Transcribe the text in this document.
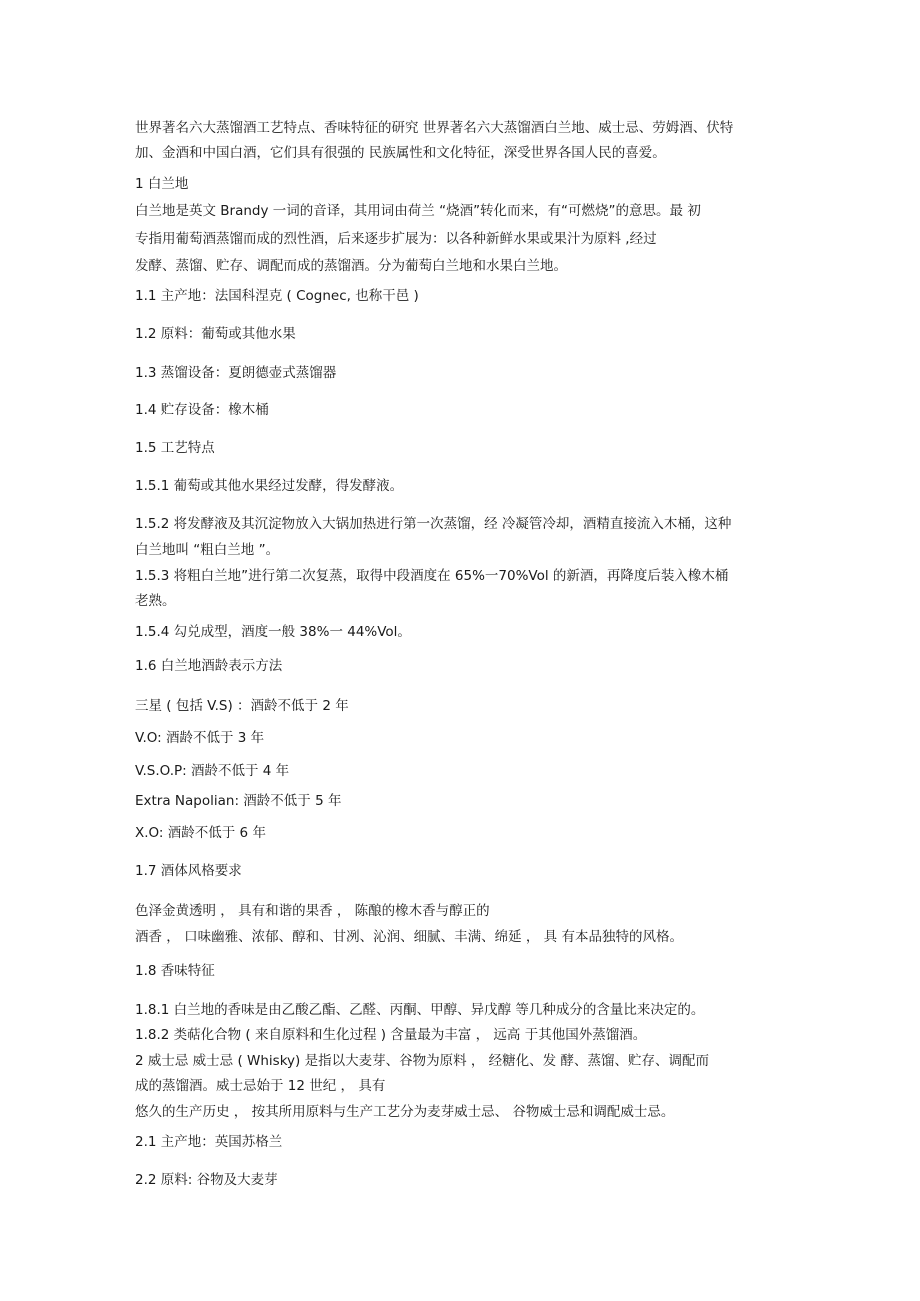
世界著名六大蒸馏酒工艺特点、香味特征的研究 世界著名六大蒸馏酒白兰地、威士忌、劳姆酒、伏特
加、金酒和中国白酒，它们具有很强的 民族属性和文化特征，深受世界各国人民的喜爱。
1 白兰地
白兰地是英文 Brandy 一词的音译，其用词由荷兰 “烧酒”转化而来，有“可燃烧”的意思。最 初
专指用葡萄酒蒸馏而成的烈性酒，后来逐步扩展为：以各种新鲜水果或果汁为原料 ,经过
发酵、蒸馏、贮存、调配而成的蒸馏酒。分为葡萄白兰地和水果白兰地。
1.1 主产地：法国科涅克 ( Cognec, 也称干邑 )
1.2 原料：葡萄或其他水果
1.3 蒸馏设备：夏朗德壶式蒸馏器
1.4 贮存设备：橡木桶
1.5 工艺特点
1.5.1 葡萄或其他水果经过发酵，得发酵液。
1.5.2 将发酵液及其沉淀物放入大锅加热进行第一次蒸馏，经 冷凝管冷却，酒精直接流入木桶，这种
白兰地叫 “粗白兰地 ”。
1.5.3 将粗白兰地”进行第二次复蒸，取得中段酒度在 65%一70%Vol 的新酒，再降度后装入橡木桶
老熟。
1.5.4 勾兑成型，酒度一般 38%一 44%Vol。
1.6 白兰地酒龄表示方法
三星 ( 包括 V.S) ：酒龄不低于 2 年
V.O: 酒龄不低于 3 年
V.S.O.P: 酒龄不低于 4 年
Extra Napolian: 酒龄不低于 5 年
X.O: 酒龄不低于 6 年
1.7 酒体风格要求
色泽金黄透明 ， 具有和谐的果香 ， 陈酿的橡木香与醇正的
酒香 ， 口味幽雅、浓郁、醇和、甘冽、沁润、细腻、丰满、绵延 ， 具 有本品独特的风格。
1.8 香味特征
1.8.1 白兰地的香味是由乙酸乙酯、乙醛、丙酮、甲醇、异戊醇 等几种成分的含量比来决定的。
1.8.2 类萜化合物 ( 来自原料和生化过程 ) 含量最为丰富 ， 远高 于其他国外蒸馏酒。
2 威士忌 威士忌 ( Whisky) 是指以大麦芽、谷物为原料 ， 经糖化、发 酵、蒸馏、贮存、调配而
成的蒸馏酒。威士忌始于 12 世纪 ， 具有
悠久的生产历史 ， 按其所用原料与生产工艺分为麦芽威士忌、 谷物威士忌和调配威士忌。
2.1 主产地：英国苏格兰
2.2 原料: 谷物及大麦芽
